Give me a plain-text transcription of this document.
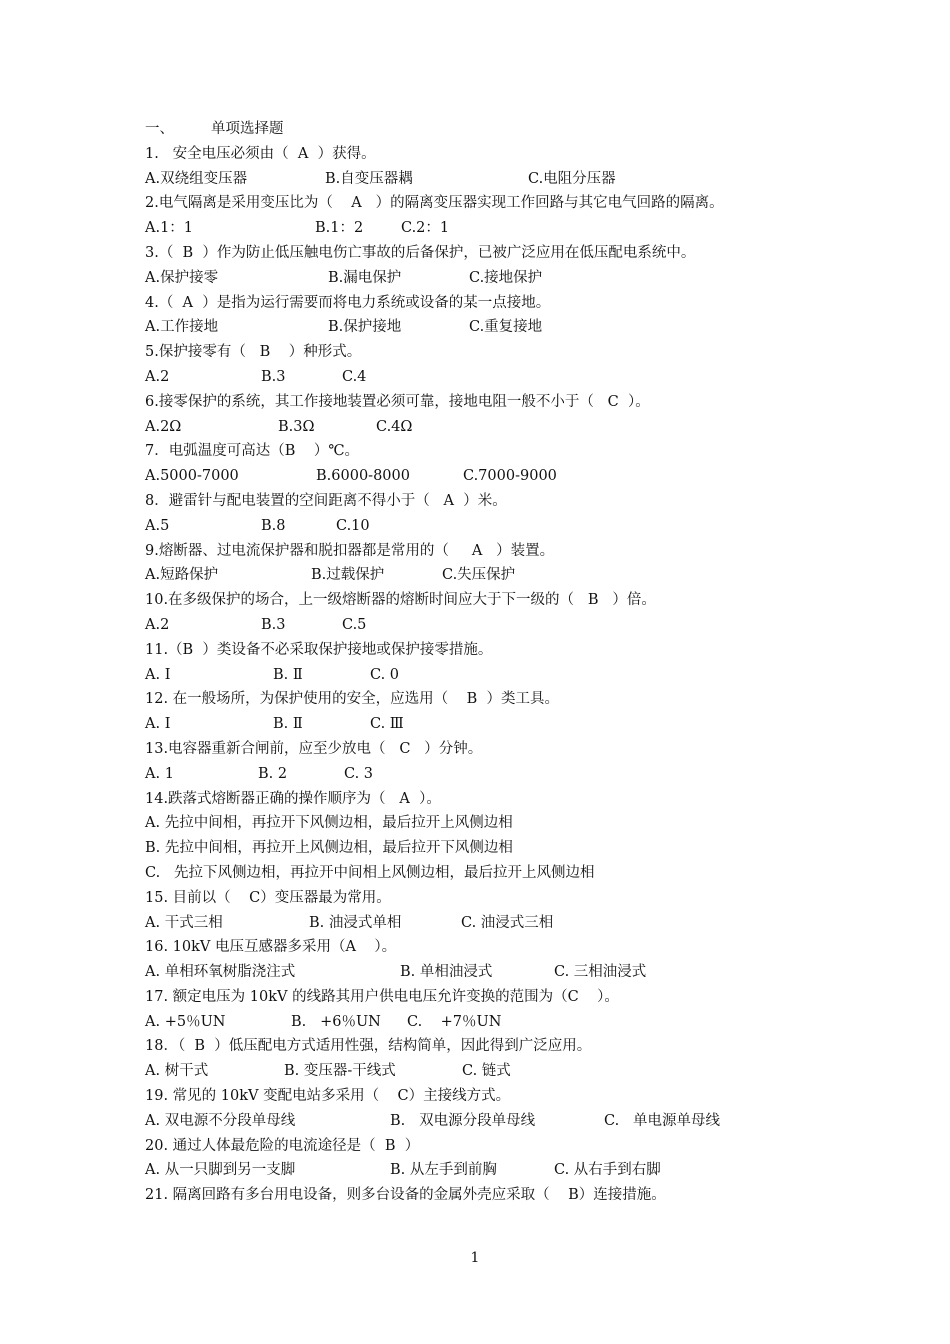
一、

	单项选择题

1.   安全电压必须由（  A  ）获得。
A.双绕组变压器	B.自变压器耦	C.电阻分压器
2.电气隔离是采用变压比为（    A   ）的隔离变压器实现工作回路与其它电气回路的隔离。
A.1：1	B.1：2	C.2：1
3.（  B  ）作为防止低压触电伤亡事故的后备保护，已被广泛应用在低压配电系统中。
A.保护接零	B.漏电保护	C.接地保护
4.（  A  ）是指为运行需要而将电力系统或设备的某一点接地。
A.工作接地	B.保护接地	C.重复接地
5.保护接零有（   B    ）种形式。
A.2	B.3	C.4
6.接零保护的系统，其工作接地装置必须可靠，接地电阻一般不小于（   C  ）。
A.2Ω	B.3Ω	C.4Ω
7．电弧温度可高达（B    ）℃。
A.5000-7000	B.6000-8000	C.7000-9000
8．避雷针与配电装置的空间距离不得小于（   A  ）米。
A.5	B.8	C.10
9.熔断器、过电流保护器和脱扣器都是常用的（     A   ）装置。
A.短路保护	B.过载保护	C.失压保护
10.在多级保护的场合，上一级熔断器的熔断时间应大于下一级的（   B   ）倍。
A.2	B.3	C.5
11.（B  ）类设备不必采取保护接地或保护接零措施。
A. Ⅰ	B. Ⅱ	C. 0
12. 在一般场所，为保护使用的安全，应选用（    B  ）类工具。
A. Ⅰ	B. Ⅱ	C. Ⅲ
13.电容器重新合闸前，应至少放电（   C   ）分钟。
A. 1	B. 2	C. 3
14.跌落式熔断器正确的操作顺序为（   A  ）。
A. 先拉中间相，再拉开下风侧边相，最后拉开上风侧边相
B. 先拉中间相，再拉开上风侧边相，最后拉开下风侧边相
C.   先拉下风侧边相，再拉开中间相上风侧边相，最后拉开上风侧边相
15. 目前以（    C）变压器最为常用。
A. 干式三相	B. 油浸式单相	C. 油浸式三相
16. 10kV 电压互感器多采用（A    ）。
A. 单相环氧树脂浇注式	B. 单相油浸式	C. 三相油浸式
17. 额定电压为 10kV 的线路其用户供电电压允许变换的范围为（C    ）。
A. +5％UN	B.   +6％UN C.    +7％UN
18．（  B  ）低压配电方式适用性强，结构简单，因此得到广泛应用。
A. 树干式	B. 变压器-干线式	C. 链式
19. 常见的 10kV 变配电站多采用（    C）主接线方式。
A. 双电源不分段单母线	B.   双电源分段单母线	C.   单电源单母线
20. 通过人体最危险的电流途径是（  B  ）
A. 从一只脚到另一支脚	B. 从左手到前胸	C. 从右手到右脚
21. 隔离回路有多台用电设备，则多台设备的金属外壳应采取（    B）连接措施。
1
